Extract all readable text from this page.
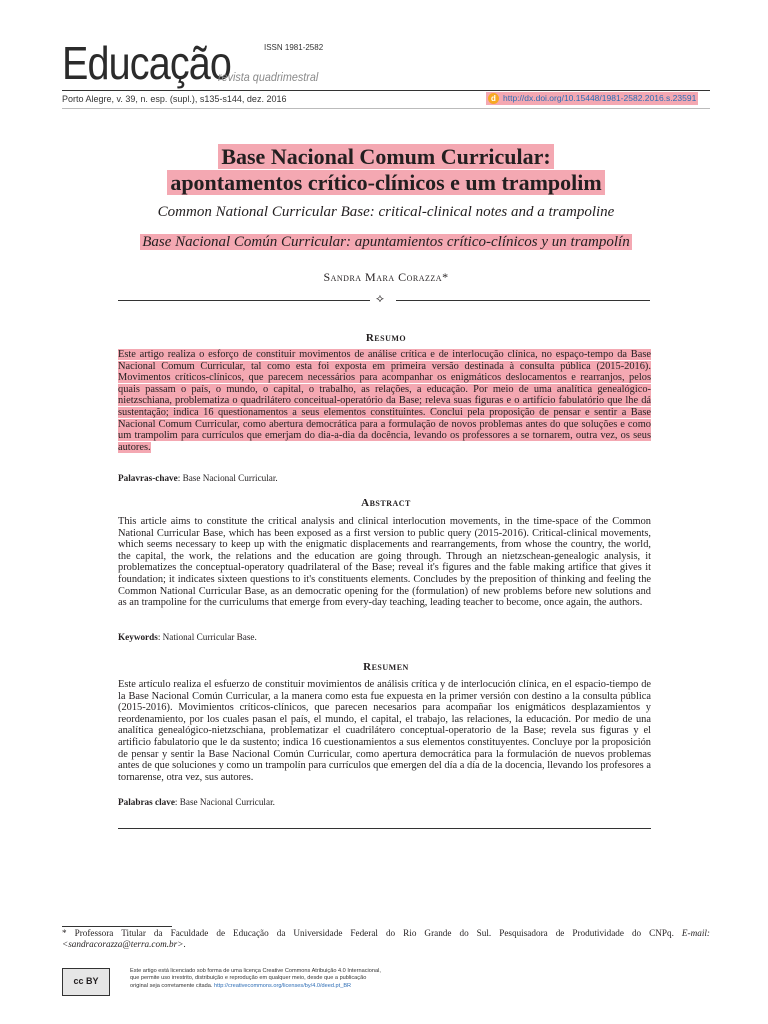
Educação
revista quadrimestral
ISSN 1981-2582
Porto Alegre, v. 39, n. esp. (supl.), s135-s144, dez. 2016	d http://dx.doi.org/10.15448/1981-2582.2016.s.23591
Base Nacional Comum Curricular:
apontamentos crítico-clínicos e um trampolim
Common National Curricular Base: critical-clinical notes and a trampoline
Base Nacional Común Curricular: apuntamientos crítico-clínicos y un trampolín
Sandra Mara Corazza*
⟡
Resumo
Este artigo realiza o esforço de constituir movimentos de análise crítica e de interlocução clínica, no espaço-tempo da Base Nacional Comum Curricular, tal como esta foi exposta em primeira versão destinada à consulta pública (2015-2016). Movimentos críticos-clínicos, que parecem necessários para acompanhar os enigmáticos deslocamentos e rearranjos, pelos quais passam o país, o mundo, o capital, o trabalho, as relações, a educação. Por meio de uma analítica genealógico-nietzschiana, problematiza o quadrilátero conceitual-operatório da Base; releva suas figuras e o artifício fabulatório que lhe dá sustentação; indica 16 questionamentos a seus elementos constituintes. Conclui pela proposição de pensar e sentir a Base Nacional Comum Curricular, como abertura democrática para a formulação de novos problemas antes do que soluções e como um trampolim para currículos que emerjam do dia-a-dia da docência, levando os professores a se tornarem, outra vez, os seus autores.
Palavras-chave: Base Nacional Curricular.
Abstract
This article aims to constitute the critical analysis and clinical interlocution movements, in the time-space of the Common National Curricular Base, which has been exposed as a first version to public query (2015-2016). Critical-clinical movements, which seems necessary to keep up with the enigmatic displacements and rearrangements, from whose the country, the world, the capital, the work, the relations and the education are going through. Through an nietzschean-genealogic analysis, it problematizes the conceptual-operatory quadrilateral of the Base; reveal it's figures and the fable making artifice that gives it foundation; it indicates sixteen questions to it's constituents elements. Concludes by the preposition of thinking and feeling the Common National Curricular Base, as an democratic opening for the (formulation) of new problems before new solutions and as an trampoline for the curriculums that emerge from every-day teaching, leading teacher to become, once again, the authors.
Keywords: National Curricular Base.
Resumen
Este artículo realiza el esfuerzo de constituir movimientos de análisis crítica y de interlocución clínica, en el espacio-tiempo de la Base Nacional Común Curricular, a la manera como esta fue expuesta en la primer versión con destino a la consulta pública (2015-2016). Movimientos críticos-clínicos, que parecen necesarios para acompañar los enigmáticos desplazamientos y reordenamiento, por los cuales pasan el país, el mundo, el capital, el trabajo, las relaciones, la educación. Por medio de una analítica genealógico-nietzschiana, problematizar el cuadrilátero conceptual-operatorio de la Base; revela sus figuras y el artificio fabulatorio que le da sustento; indica 16 cuestionamientos a sus elementos constituyentes. Concluye por la proposición de pensar y sentir la Base Nacional Común Curricular, como apertura democrática para la formulación de nuevos problemas antes de que soluciones y como un trampolín para currículos que emergen del día a día de la docencia, llevando los profesores a tornarense, otra vez, sus autores.
Palabras clave: Base Nacional Curricular.
* Professora Titular da Faculdade de Educação da Universidade Federal do Rio Grande do Sul. Pesquisadora de Produtividade do CNPq. E-mail: <sandracorazza@terra.com.br>.
cc BY
Este artigo está licenciado sob forma de uma licença Creative Commons Atribuição 4.0 Internacional,
que permite uso irrestrito, distribuição e reprodução em qualquer meio, desde que a publicação
original seja corretamente citada. http://creativecommons.org/licenses/by/4.0/deed.pt_BR
